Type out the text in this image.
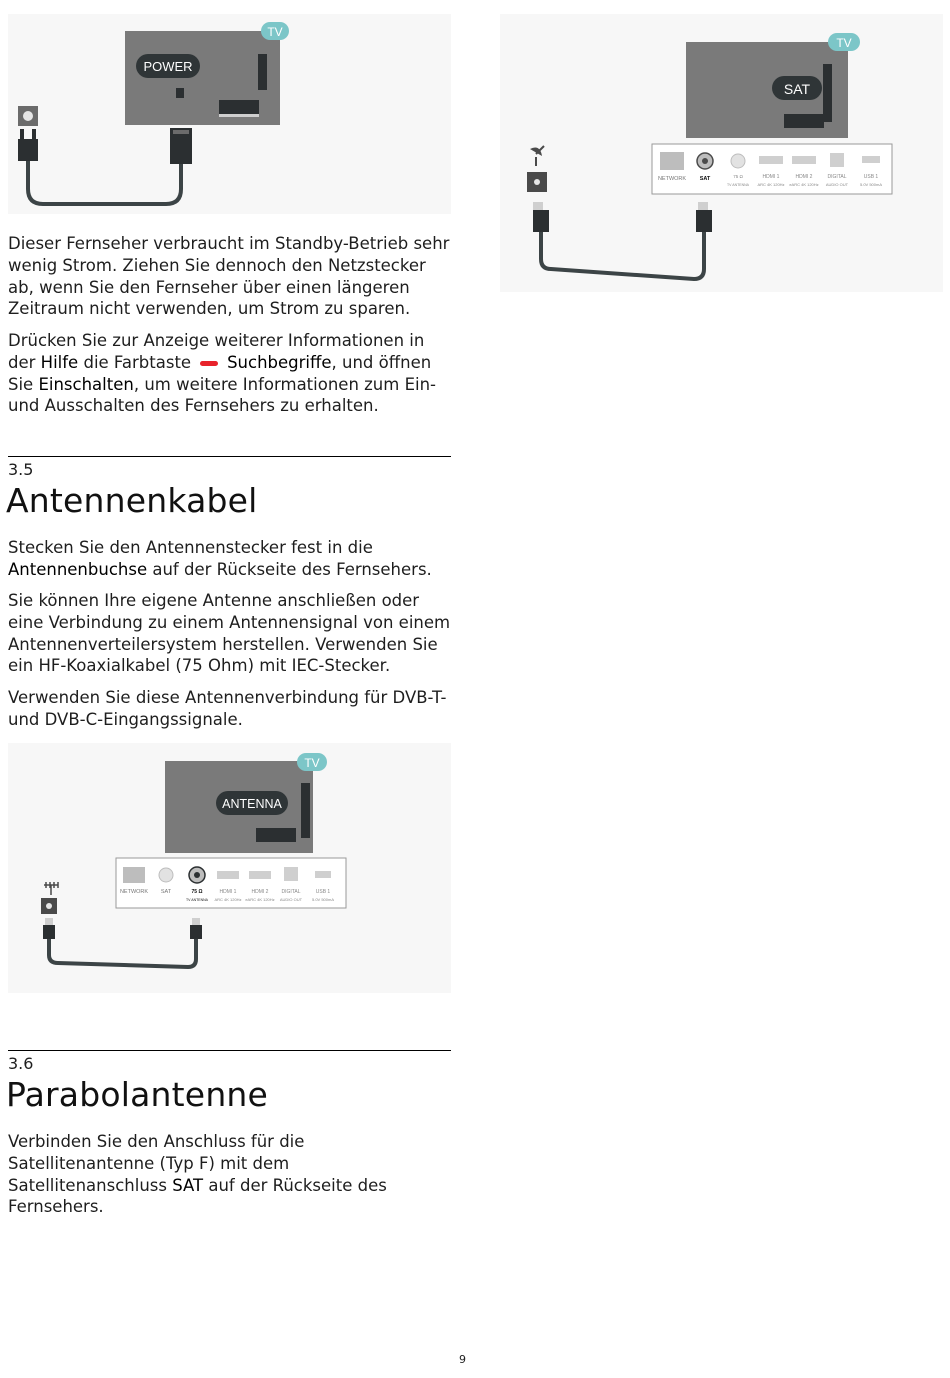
POWER
TV
SAT
TV
NETWORK SAT	75 Ω
TV ANTENNA
HDMI 1
ARC 4K 120Hz
HDMI 2
eARC 4K 120Hz
DIGITAL
AUDIO OUT
USB 1
5.0V 500mA

Dieser Fernseher verbraucht im Standby-Betrieb sehr wenig Strom. Ziehen Sie dennoch den Netzstecker ab, wenn Sie den Fernseher über einen längeren Zeitraum nicht verwenden, um Strom zu sparen.

Drücken Sie zur Anzeige weiterer Informationen in der Hilfe die Farbtaste Suchbegriffe, und öffnen Sie Einschalten, um weitere Informationen zum Ein- und Ausschalten des Fernsehers zu erhalten.

3.5
Antennenkabel

Stecken Sie den Antennenstecker fest in die Antennenbuchse auf der Rückseite des Fernsehers.

Sie können Ihre eigene Antenne anschließen oder eine Verbindung zu einem Antennensignal von einem Antennenverteilersystem herstellen. Verwenden Sie ein HF-Koaxialkabel (75 Ohm) mit IEC-Stecker.

Verwenden Sie diese Antennenverbindung für DVB-T- und DVB-C-Eingangssignale.

ANTENNA
TV
NETWORK SAT	75 Ω
TV ANTENNA
HDMI 1
ARC 4K 120Hz
HDMI 2
eARC 4K 120Hz
DIGITAL
AUDIO OUT
USB 1
5.0V 500mA
3.6
Parabolantenne

Verbinden Sie den Anschluss für die Satellitenantenne (Typ F) mit dem Satellitenanschluss SAT auf der Rückseite des Fernsehers.

9
